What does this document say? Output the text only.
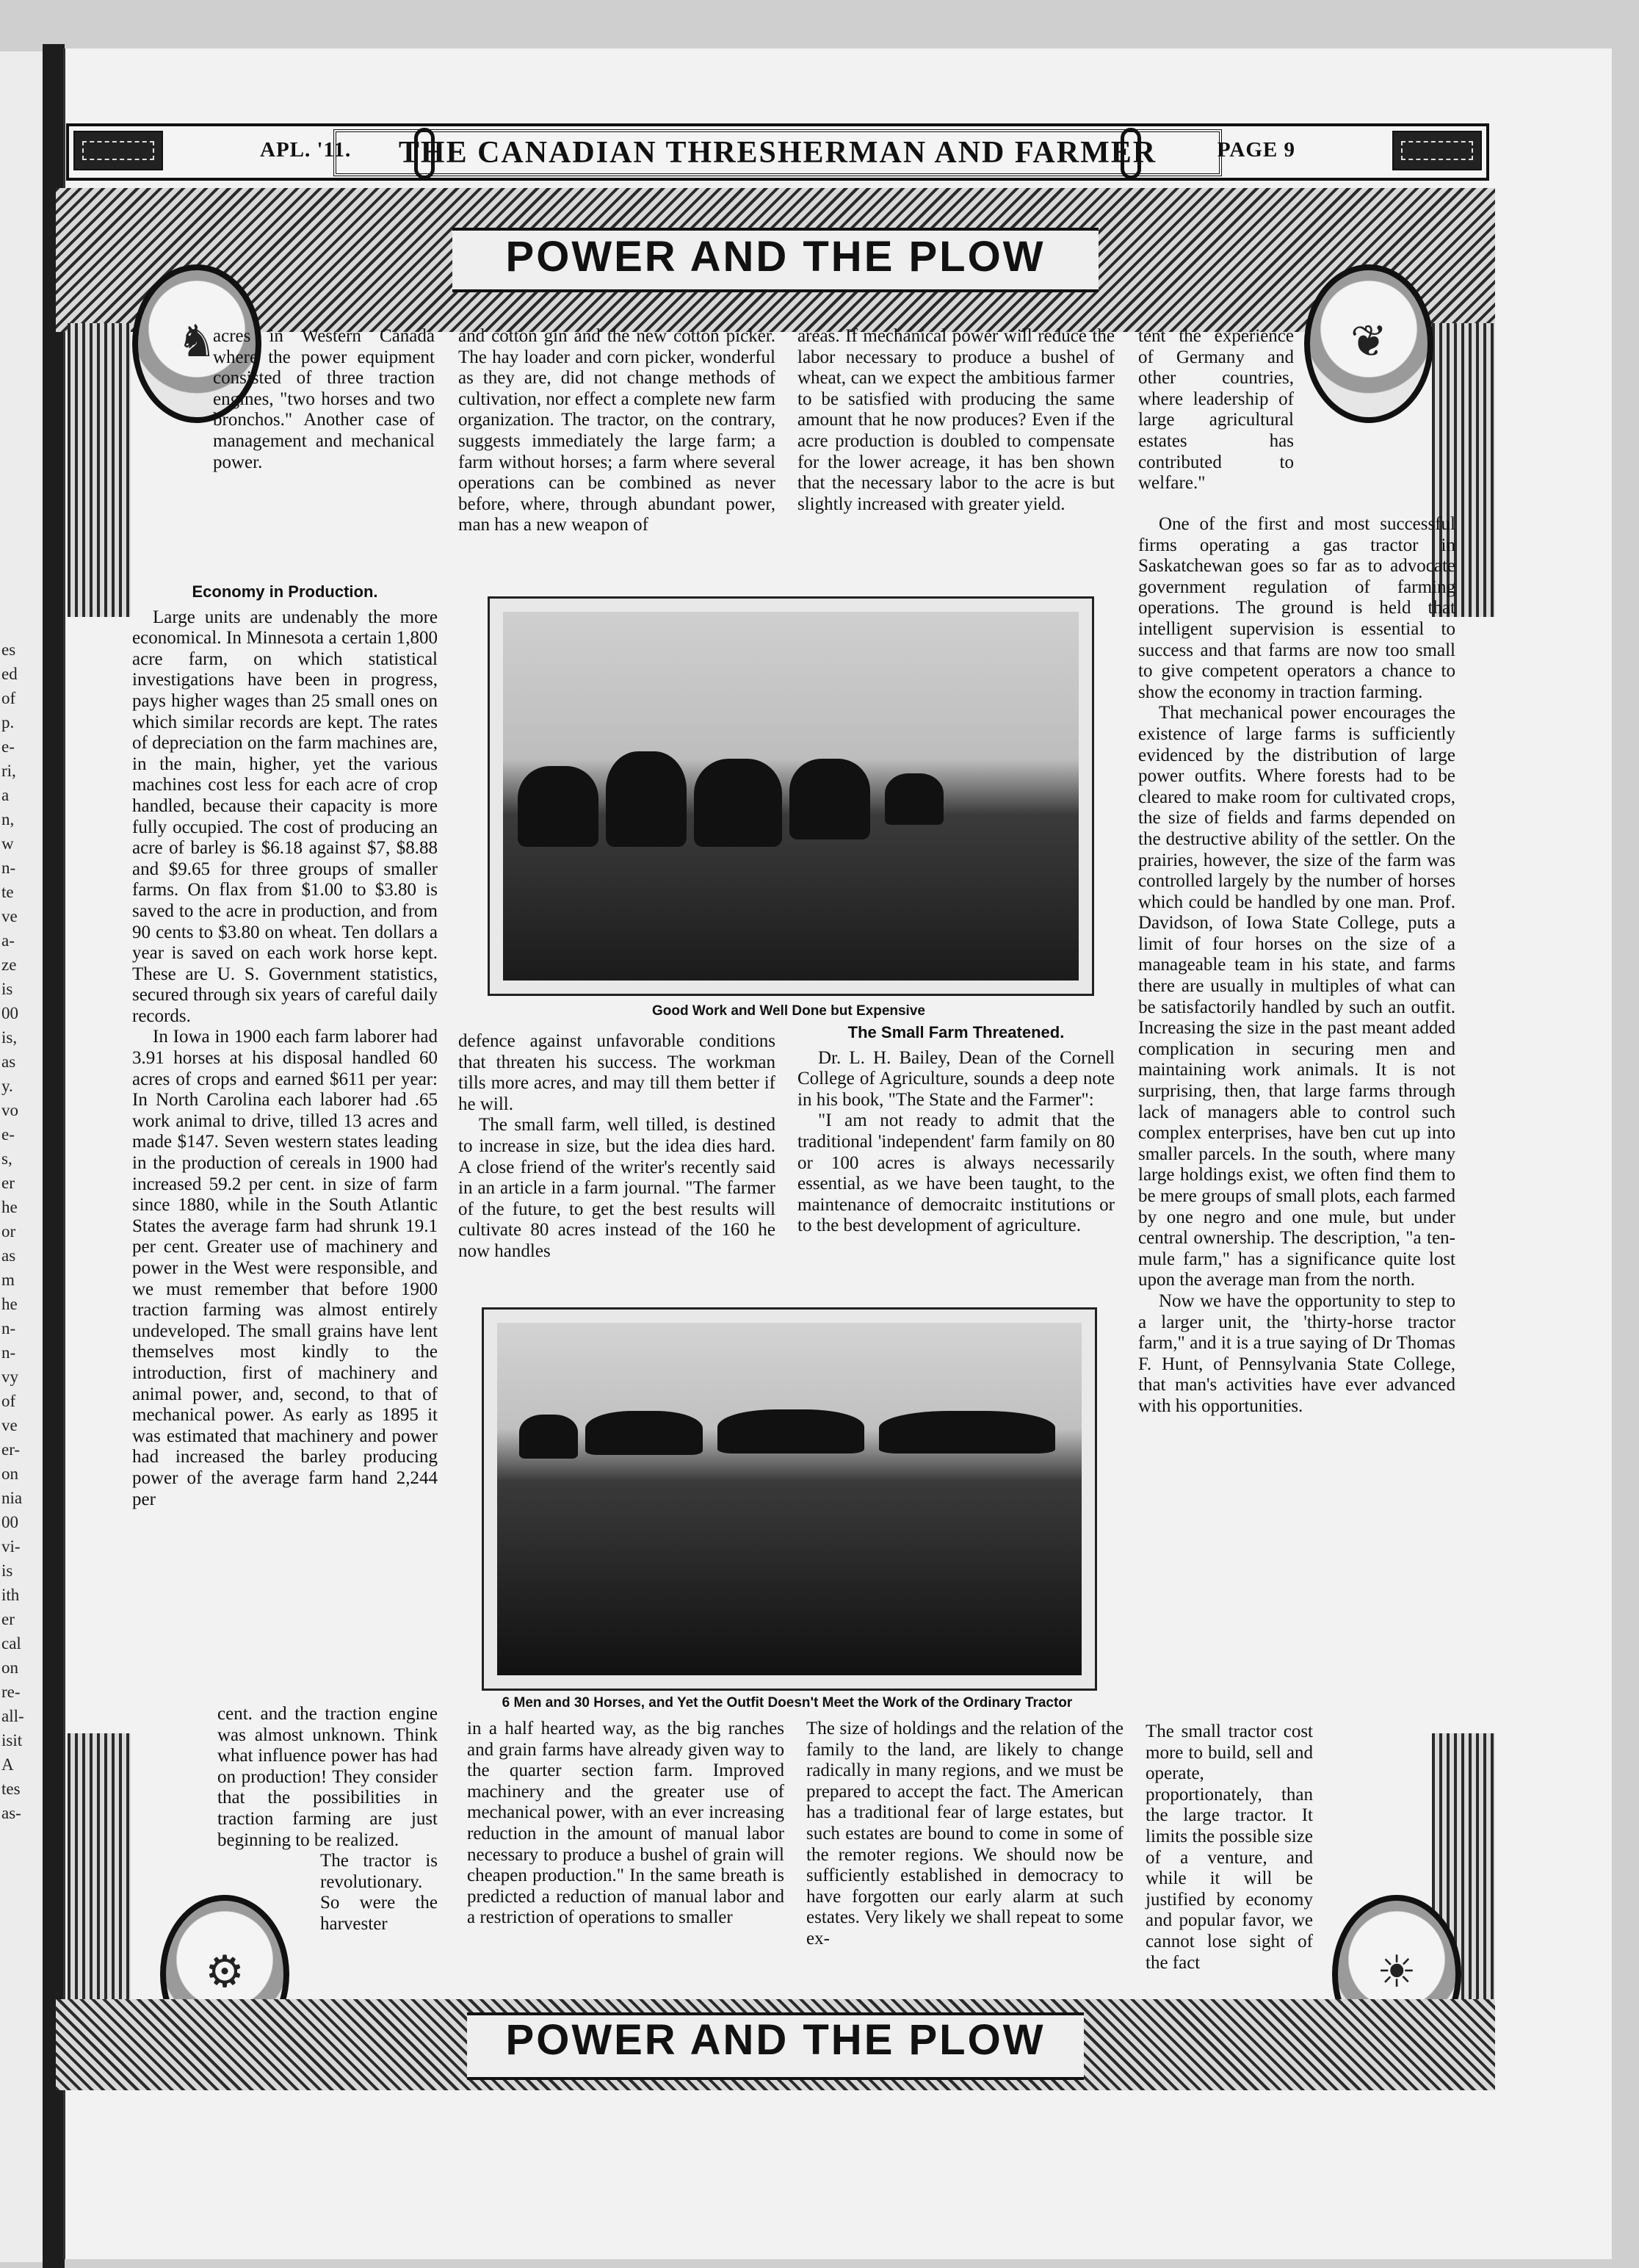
es
ed
of
p.
e-
ri,
a
n,
w
n-
te
ve
a-
ze
is
00
is,
as
y.
vo
e-
s,
er
he
or
as
m
he
n-
n-
vy
of
ve
er-
on
nia
00
vi-
is
ith
er
cal
on
re-
all-
isit
A
tes
as-
APL. '11.	THE CANADIAN THRESHERMAN AND FARMER	PAGE 9
POWER AND THE PLOW
♞	❦
⚙	☀
POWER AND THE PLOW

acres in Western Canada where the power equipment consisted of three traction engines, "two horses and two bronchos." Another case of management and mechanical power.

Economy in Production.

Large units are undenably the more economical. In Minnesota a certain 1,800 acre farm, on which statistical investigations have been in progress, pays higher wages than 25 small ones on which similar records are kept. The rates of depreciation on the farm machines are, in the main, higher, yet the various machines cost less for each acre of crop handled, because their capacity is more fully occupied. The cost of producing an acre of barley is $6.18 against $7, $8.88 and $9.65 for three groups of smaller farms. On flax from $1.00 to $3.80 is saved to the acre in production, and from 90 cents to $3.80 on wheat. Ten dollars a year is saved on each work horse kept. These are U. S. Government statistics, secured through six years of careful daily records.

In Iowa in 1900 each farm laborer had 3.91 horses at his disposal handled 60 acres of crops and earned $611 per year: In North Carolina each laborer had .65 work animal to drive, tilled 13 acres and made $147. Seven western states leading in the production of cereals in 1900 had increased 59.2 per cent. in size of farm since 1880, while in the South Atlantic States the average farm had shrunk 19.1 per cent. Greater use of machinery and power in the West were responsible, and we must remember that before 1900 traction farming was almost entirely undeveloped. The small grains have lent themselves most kindly to the introduction, first of machinery and animal power, and, second, to that of mechanical power. As early as 1895 it was estimated that machinery and power had increased the barley producing power of the average farm hand 2,244 per

cent. and the traction engine was almost unknown. Think what influence power has had on production! They consider that the possibilities in traction farming are just beginning to be realized.

The tractor is revolutionary. So were the harvester

and cotton gin and the new cotton picker. The hay loader and corn picker, wonderful as they are, did not change methods of cultivation, nor effect a complete new farm organization. The tractor, on the contrary, suggests immediately the large farm; a farm without horses; a farm where several operations can be combined as never before, where, through abundant power, man has a new weapon of

areas. If mechanical power will reduce the labor necessary to produce a bushel of wheat, can we expect the ambitious farmer to be satisfied with producing the same amount that he now produces? Even if the acre production is doubled to compensate for the lower acreage, it has ben shown that the necessary labor to the acre is but slightly increased with greater yield.

Good Work and Well Done but Expensive

defence against unfavorable conditions that threaten his success. The workman tills more acres, and may till them better if he will.

The small farm, well tilled, is destined to increase in size, but the idea dies hard. A close friend of the writer's recently said in an article in a farm journal. "The farmer of the future, to get the best results will cultivate 80 acres instead of the 160 he now handles

The Small Farm Threatened.

Dr. L. H. Bailey, Dean of the Cornell College of Agriculture, sounds a deep note in his book, "The State and the Farmer":

"I am not ready to admit that the traditional 'independent' farm family on 80 or 100 acres is always necessarily essential, as we have been taught, to the maintenance of democraitc institutions or to the best development of agriculture.

6 Men and 30 Horses, and Yet the Outfit Doesn't Meet the Work of the Ordinary Tractor

in a half hearted way, as the big ranches and grain farms have already given way to the quarter section farm. Improved machinery and the greater use of mechanical power, with an ever increasing reduction in the amount of manual labor necessary to produce a bushel of grain will cheapen production." In the same breath is predicted a reduction of manual labor and a restriction of operations to smaller

The size of holdings and the relation of the family to the land, are likely to change radically in many regions, and we must be prepared to accept the fact. The American has a traditional fear of large estates, but such estates are bound to come in some of the remoter regions. We should now be sufficiently established in democracy to have forgotten our early alarm at such estates. Very likely we shall repeat to some ex-

tent the experience of Germany and other countries, where leadership of large agricultural estates has contributed to welfare."

One of the first and most successful firms operating a gas tractor in Saskatchewan goes so far as to advocate government regulation of farming operations. The ground is held that intelligent supervision is essential to success and that farms are now too small to give competent operators a chance to show the economy in traction farming.

That mechanical power encourages the existence of large farms is sufficiently evidenced by the distribution of large power outfits. Where forests had to be cleared to make room for cultivated crops, the size of fields and farms depended on the destructive ability of the settler. On the prairies, however, the size of the farm was controlled largely by the number of horses which could be handled by one man. Prof. Davidson, of Iowa State College, puts a limit of four horses on the size of a manageable team in his state, and farms there are usually in multiples of what can be satisfactorily handled by such an outfit. Increasing the size in the past meant added complication in securing men and maintaining work animals. It is not surprising, then, that large farms through lack of managers able to control such complex enterprises, have ben cut up into smaller parcels. In the south, where many large holdings exist, we often find them to be mere groups of small plots, each farmed by one negro and one mule, but under central ownership. The description, "a ten-mule farm," has a significance quite lost upon the average man from the north.

Now we have the opportunity to step to a larger unit, the 'thirty-horse tractor farm," and it is a true saying of Dr Thomas F. Hunt, of Pennsylvania State College, that man's activities have ever advanced with his opportunities.

The small tractor cost more to build, sell and operate, proportionately, than the large tractor. It limits the possible size of a venture, and while it will be justified by economy and popular favor, we cannot lose sight of the fact
